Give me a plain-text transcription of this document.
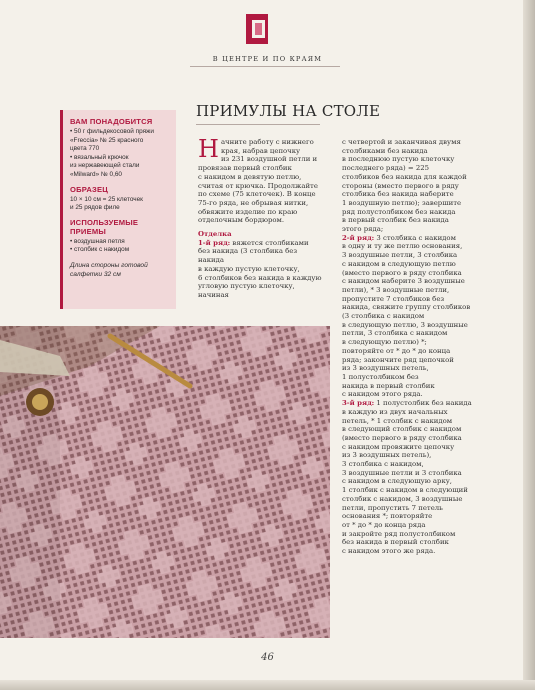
В ЦЕНТРЕ И ПО КРАЯМ
ВАМ ПОНАДОБИТСЯ
• 50 г фильдекосовой пряжи
«Freccia» № 25 красного
цвета 770
• вязальный крючок
из нержавеющей стали
«Milward» № 0,60
ОБРАЗЕЦ
10 × 10 см = 25 клеточек
и 25 рядов филе
ИСПОЛЬЗУЕМЫЕ
ПРИЕМЫ
• воздушная петля
• столбик с накидом
Длина стороны готовой
салфетки 32 см
ПРИМУЛЫ НА СТОЛЕ
Н ачните работу с нижнего
края, набрав цепочку
из 231 воздушной петли и
провязав первый столбик
с накидом в девятую петлю,
считая от крючка. Продолжайте
по схеме (75 клеточек). В конце
75-го ряда, не обрывая нитки,
обвяжите изделие по краю
отделочным бордюром.
Отделка
1-й ряд: вяжется столбиками
без накида (3 столбика без накида
в каждую пустую клеточку,
6 столбиков без накида в каждую
угловую пустую клеточку, начиная
с четвертой и заканчивая двумя
столбиками без накида
в последнюю пустую клеточку
последнего ряда) = 225
столбиков без накида для каждой
стороны (вместо первого в ряду
столбика без накида наберите
1 воздушную петлю); завершите
ряд полустолбиком без накида
в первый столбик без накида
этого ряда;
2-й ряд: 3 столбика с накидом
в одну и ту же петлю основания,
3 воздушные петли, 3 столбика
с накидом в следующую петлю
(вместо первого в ряду столбика
с накидом наберите 3 воздушные
петли), * 3 воздушные петли,
пропустите 7 столбиков без
накида, свяжите группу столбиков
(3 столбика с накидом
в следующую петлю, 3 воздушные
петли, 3 столбика с накидом
в следующую петлю) *;
повторяйте от * до * до конца
ряда; закончите ряд цепочкой
из 3 воздушных петель,
1 полустолбиком без
накида в первый столбик
с накидом этого ряда.
3-й ряд: 1 полустолбик без накида
в каждую из двух начальных
петель, * 1 столбик с накидом
в следующий столбик с накидом
(вместо первого в ряду столбика
с накидом провяжите цепочку
из 3 воздушных петель),
3 столбика с накидом,
3 воздушные петли и 3 столбика
с накидом в следующую арку,
1 столбик с накидом в следующий
столбик с накидом, 3 воздушные
петли, пропустить 7 петель
основания *; повторяйте
от * до * до конца ряда
и закройте ряд полустолбиком
без накида в первый столбик
с накидом этого же ряда.
46
